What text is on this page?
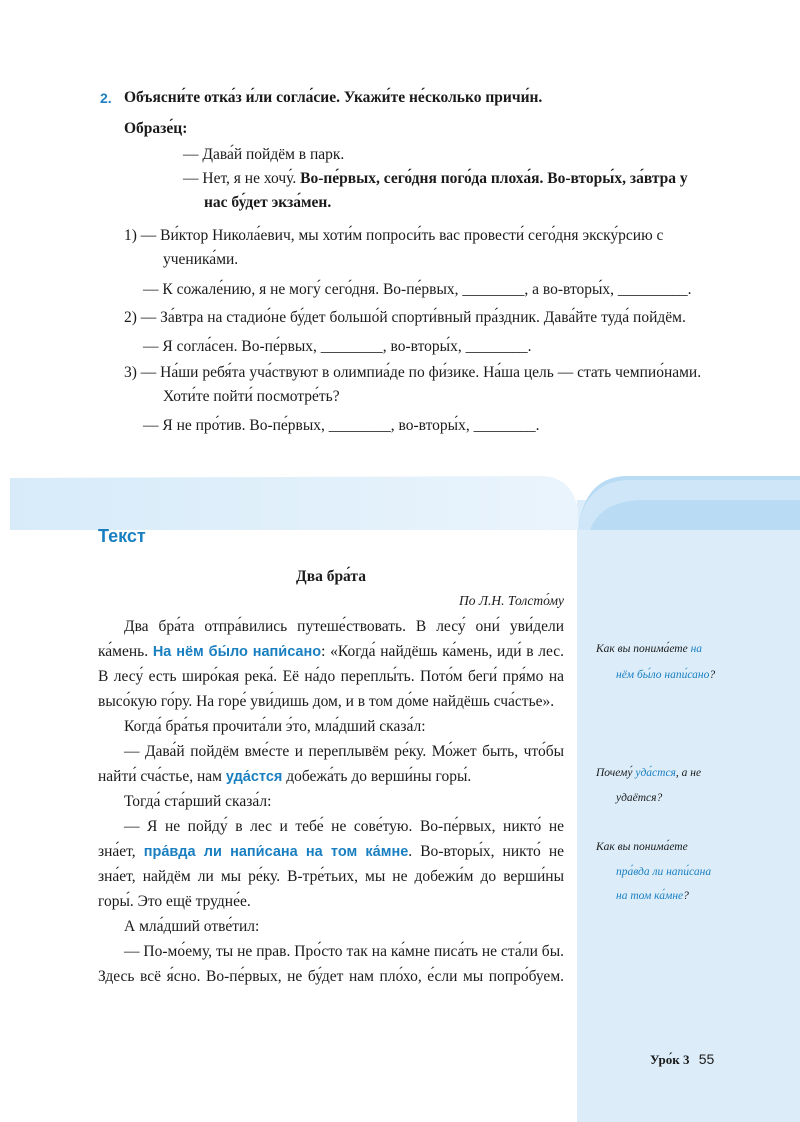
2. Объясни́те отка́з и́ли согла́сие. Укажи́те не́сколько причи́н.
Образе́ц:
— Дава́й пойдём в парк.
— Нет, я не хочу́. Во-пе́рвых, сего́дня пого́да плоха́я. Во-вторы́х, за́втра у
нас бу́дет экза́мен.
1) — Ви́ктор Никола́евич, мы хоти́м попроси́ть вас провести́ сего́дня экску́рсию с
ученика́ми.
— К сожале́нию, я не могу́ сего́дня. Во-пе́рвых, ________, а во-вторы́х, _________.
2) — За́втра на стадио́не бу́дет большо́й спорти́вный пра́здник. Дава́йте туда́ пойдём.
— Я согла́сен. Во-пе́рвых, ________, во-вторы́х, ________.
3) — На́ши ребя́та уча́ствуют в олимпиа́де по фи́зике. На́ша цель — стать чемпио́нами.
Хоти́те пойти́ посмотре́ть?
— Я не про́тив. Во-пе́рвых, ________, во-вторы́х, ________.
Текст
Два бра́та
По Л.Н. Толсто́му
Два бра́та отпра́вились путеше́ствовать. В лесу́ они́ уви́дели
ка́мень. На нём бы́ло напи́сано: «Когда́ найдёшь ка́мень, иди́ в лес.
В лесу́ есть широ́кая река́. Её на́до переплы́ть. Пото́м беги́ пря́мо на
высо́кую го́ру. На горе́ уви́дишь дом, и в том до́ме найдёшь сча́стье».
Когда́ бра́тья прочита́ли э́то, мла́дший сказа́л:
— Дава́й пойдём вме́сте и переплывём ре́ку. Мо́жет быть, что́бы
найти́ сча́стье, нам уда́стся добежа́ть до верши́ны горы́.
Тогда́ ста́рший сказа́л:
— Я не пойду́ в лес и тебе́ не сове́тую. Во-пе́рвых, никто́ не
зна́ет, пра́вда ли напи́сана на том ка́мне. Во-вторы́х, никто́ не
зна́ет, найдём ли мы ре́ку. В-тре́тьих, мы не добежи́м до верши́ны
горы́. Это ещё трудне́е.
А мла́дший отве́тил:
— По-мо́ему, ты не прав. Про́сто так на ка́мне писа́ть не ста́ли бы.
Здесь всё я́сно. Во-пе́рвых, не бу́дет нам пло́хо, е́сли мы попро́буем.
Как вы понима́ете на
нём бы́ло напи́сано?
Почему́ уда́стся, а не
удаётся?
Как вы понима́ете
пра́вда ли напи́сана
на том ка́мне?
Уро́к 3 55
